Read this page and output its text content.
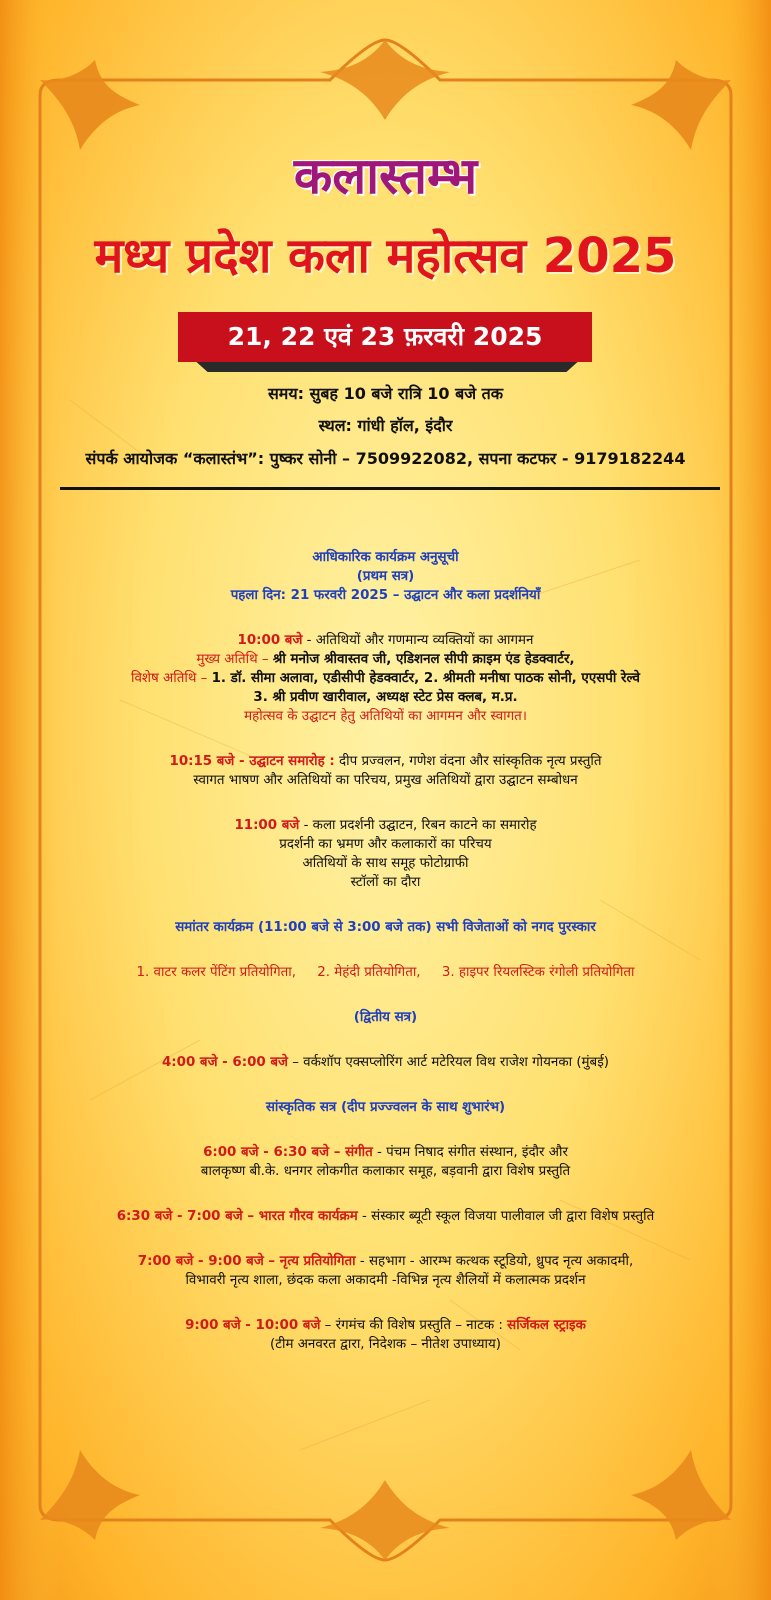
कलास्तम्भ
मध्य प्रदेश कला महोत्सव 2025
21, 22 एवं 23 फ़रवरी 2025
समय: सुबह 10 बजे रात्रि 10 बजे तक
स्थल: गांधी हॉल, इंदौर
संपर्क आयोजक “कलास्तंभ”: पुष्कर सोनी – 7509922082, सपना कटफर - 9179182244

आधिकारिक कार्यक्रम अनुसूची

(प्रथम सत्र)

पहला दिन: 21 फरवरी 2025 – उद्घाटन और कला प्रदर्शनियाँ

10:00 बजे - अतिथियों और गणमान्य व्यक्तियों का आगमन

मुख्य अतिथि – श्री मनोज श्रीवास्तव जी, एडिशनल सीपी क्राइम एंड हेडक्वार्टर,

विशेष अतिथि – 1. डॉ. सीमा अलावा, एडीसीपी हेडक्वार्टर, 2. श्रीमती मनीषा पाठक सोनी, एएसपी रेल्वे

3. श्री प्रवीण खारीवाल, अध्यक्ष स्टेट प्रेस क्लब, म.प्र.

महोत्सव के उद्घाटन हेतु अतिथियों का आगमन और स्वागत।

10:15 बजे - उद्घाटन समारोह : दीप प्रज्वलन, गणेश वंदना और सांस्कृतिक नृत्य प्रस्तुति

स्वागत भाषण और अतिथियों का परिचय, प्रमुख अतिथियों द्वारा उद्घाटन सम्बोधन

11:00 बजे - कला प्रदर्शनी उद्घाटन, रिबन काटने का समारोह

प्रदर्शनी का भ्रमण और कलाकारों का परिचय

अतिथियों के साथ समूह फोटोग्राफी

स्टॉलों का दौरा

समांतर कार्यक्रम (11:00 बजे से 3:00 बजे तक) सभी विजेताओं को नगद पुरस्कार

1. वाटर कलर पेंटिंग प्रतियोगिता,     2. मेहंदी प्रतियोगिता,     3. हाइपर रियलस्टिक रंगोली प्रतियोगिता

(द्वितीय सत्र)

4:00 बजे - 6:00 बजे – वर्कशॉप एक्सप्लोरिंग आर्ट मटेरियल विथ राजेश गोयनका (मुंबई)

सांस्कृतिक सत्र (दीप प्रज्ज्वलन के साथ शुभारंभ)

6:00 बजे - 6:30 बजे – संगीत - पंचम निषाद संगीत संस्थान, इंदौर और

बालकृष्ण बी.के. धनगर लोकगीत कलाकार समूह, बड़वानी द्वारा विशेष प्रस्तुति

6:30 बजे - 7:00 बजे – भारत गौरव कार्यक्रम - संस्कार ब्यूटी स्कूल विजया पालीवाल जी द्वारा विशेष प्रस्तुति

7:00 बजे - 9:00 बजे – नृत्य प्रतियोगिता - सहभाग - आरम्भ कत्थक स्टूडियो, ध्रुपद नृत्य अकादमी,

विभावरी नृत्य शाला, छंदक कला अकादमी -विभिन्न नृत्य शैलियों में कलात्मक प्रदर्शन

9:00 बजे - 10:00 बजे – रंगमंच की विशेष प्रस्तुति – नाटक : सर्जिकल स्ट्राइक

(टीम अनवरत द्वारा, निदेशक – नीतेश उपाध्याय)
